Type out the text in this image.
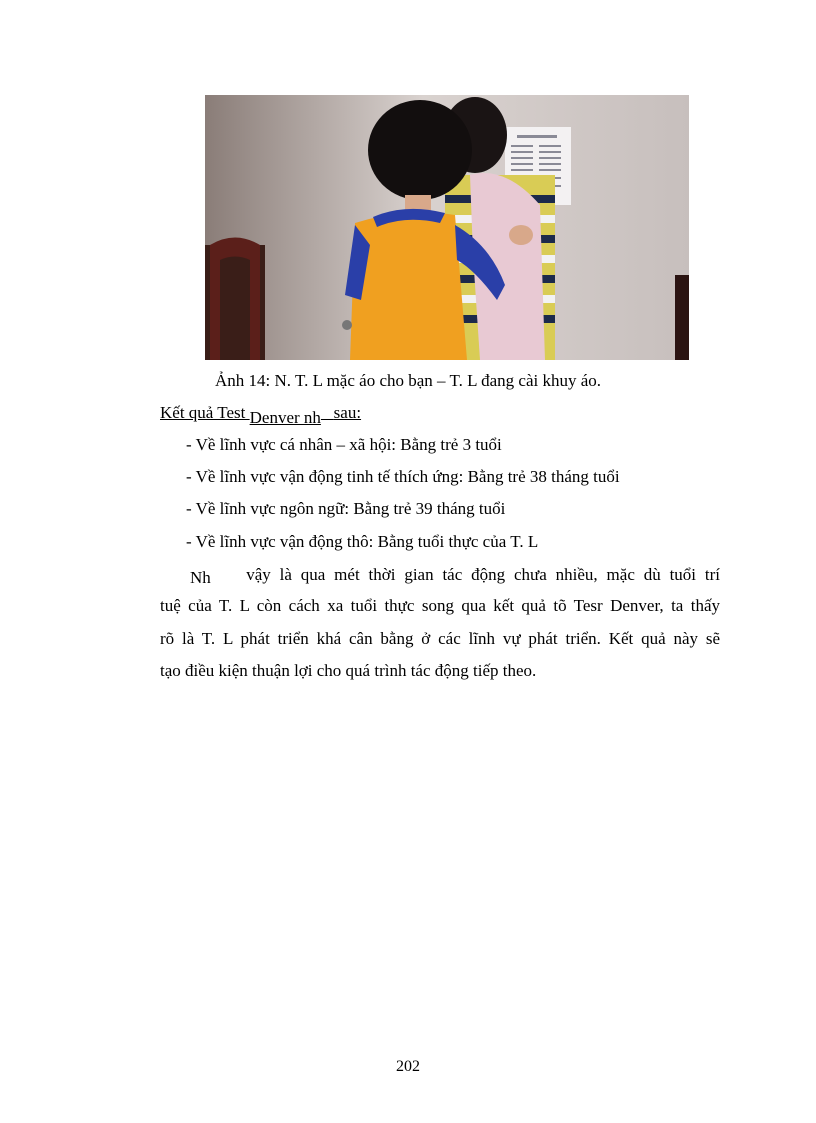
Ảnh 14: N. T. L mặc áo cho bạn – T. L đang cài khuy áo.
Kết quả Test Denver nh sau:
- Về lĩnh vực cá nhân – xã hội: Bằng trẻ 3 tuổi
- Về lĩnh vực vận động tinh tế thích ứng: Bằng trẻ 38 tháng tuổi
- Về lĩnh vực ngôn ngữ: Bằng trẻ 39 tháng tuổi
- Về lĩnh vực vận động thô: Bằng tuổi thực của T. L
Nh vậy là qua mét thời gian tác động chưa nhiều, mặc dù tuổi trí
tuệ của T. L còn cách xa tuổi thực song qua kết quả tõ Tesr Denver, ta thấy
rõ là T. L phát triển khá cân bằng ở các lĩnh vự phát triển. Kết quả này sẽ
tạo điều kiện thuận lợi cho quá trình tác động tiếp theo.
202
